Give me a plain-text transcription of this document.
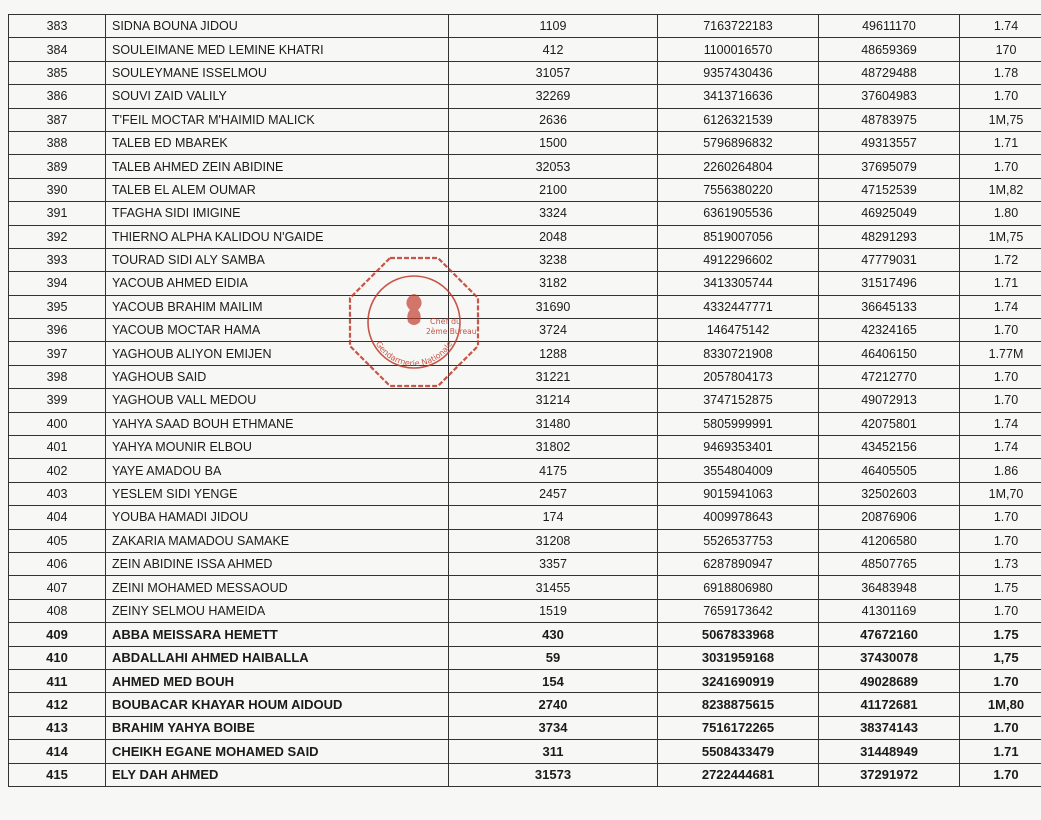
383	SIDNA BOUNA JIDOU	1109	7163722183	49611170	1.74
384	SOULEIMANE MED LEMINE KHATRI	412	1100016570	48659369	170
385	SOULEYMANE ISSELMOU	31057	9357430436	48729488	1.78
386	SOUVI ZAID VALILY	32269	3413716636	37604983	1.70
387	T'FEIL MOCTAR M'HAIMID MALICK	2636	6126321539	48783975	1M,75
388	TALEB ED MBAREK	1500	5796896832	49313557	1.71
389	TALEB AHMED ZEIN ABIDINE	32053	2260264804	37695079	1.70
390	TALEB EL ALEM OUMAR	2100	7556380220	47152539	1M,82
391	TFAGHA SIDI IMIGINE	3324	6361905536	46925049	1.80
392	THIERNO ALPHA KALIDOU N'GAIDE	2048	8519007056	48291293	1M,75
393	TOURAD SIDI ALY SAMBA	3238	4912296602	47779031	1.72
394	YACOUB AHMED EIDIA	3182	3413305744	31517496	1.71
395	YACOUB BRAHIM MAILIM	31690	4332447771	36645133	1.74
396	YACOUB MOCTAR HAMA	3724	146475142	42324165	1.70
397	YAGHOUB ALIYON EMIJEN	1288	8330721908	46406150	1.77M
398	YAGHOUB SAID	31221	2057804173	47212770	1.70
399	YAGHOUB VALL MEDOU	31214	3747152875	49072913	1.70
400	YAHYA SAAD BOUH ETHMANE	31480	5805999991	42075801	1.74
401	YAHYA MOUNIR ELBOU	31802	9469353401	43452156	1.74
402	YAYE AMADOU BA	4175	3554804009	46405505	1.86
403	YESLEM SIDI YENGE	2457	9015941063	32502603	1M,70
404	YOUBA HAMADI JIDOU	174	4009978643	20876906	1.70
405	ZAKARIA MAMADOU SAMAKE	31208	5526537753	41206580	1.70
406	ZEIN ABIDINE ISSA AHMED	3357	6287890947	48507765	1.73
407	ZEINI MOHAMED MESSAOUD	31455	6918806980	36483948	1.75
408	ZEINY SELMOU HAMEIDA	1519	7659173642	41301169	1.70
409	ABBA MEISSARA HEMETT	430	5067833968	47672160	1.75
410	ABDALLAHI AHMED HAIBALLA	59	3031959168	37430078	1,75
411	AHMED MED BOUH	154	3241690919	49028689	1.70
412	BOUBACAR KHAYAR HOUM AIDOUD	2740	8238875615	41172681	1M,80
413	BRAHIM YAHYA BOIBE	3734	7516172265	38374143	1.70
414	CHEIKH EGANE MOHAMED SAID	311	5508433479	31448949	1.71
415	ELY DAH AHMED	31573	2722444681	37291972	1.70
Gendarmerie Nationale
Chef du
2ème Bureau
